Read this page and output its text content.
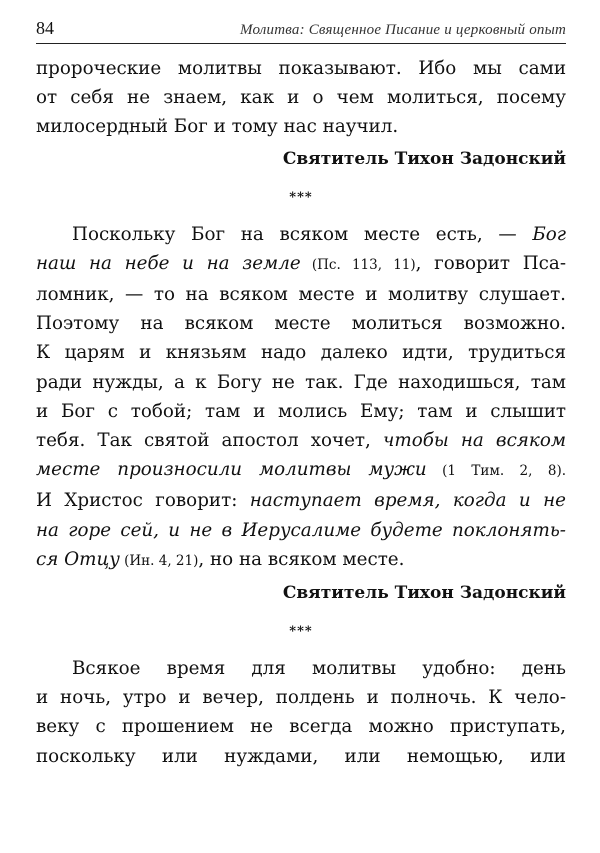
84	Молитва: Священное Писание и церковный опыт

пророческие молитвы показывают. Ибо мы сами
от себя не знаем, как и о чем молиться, посему
милосердный Бог и тому нас научил.

Святитель Тихон Задонский

***

Поскольку Бог на всяком месте есть, — Бог
наш на небе и на земле (Пс. 113, 11), говорит Псa-
ломник, — то на всяком месте и молитву слушает.
Поэтому на всяком месте молиться возможно.
К царям и князьям надо далеко идти, трудиться
ради нужды, а к Богу не так. Где находишься, там
и Бог с тобой; там и молись Ему; там и слышит
тебя. Так святой апостол хочет, чтобы на всяком
месте произносили молитвы мужи (1 Тим. 2, 8).
И Христос говорит: наступает время, когда и не
на горе сей, и не в Иерусалиме будете поклонять-
ся Отцу (Ин. 4, 21), но на всяком месте.

Святитель Тихон Задонский

***

Всякое время для молитвы удобно: день
и ночь, утро и вечер, полдень и полночь. К чело-
веку с прошением не всегда можно приступать,
поскольку или нуждами, или немощью, или
